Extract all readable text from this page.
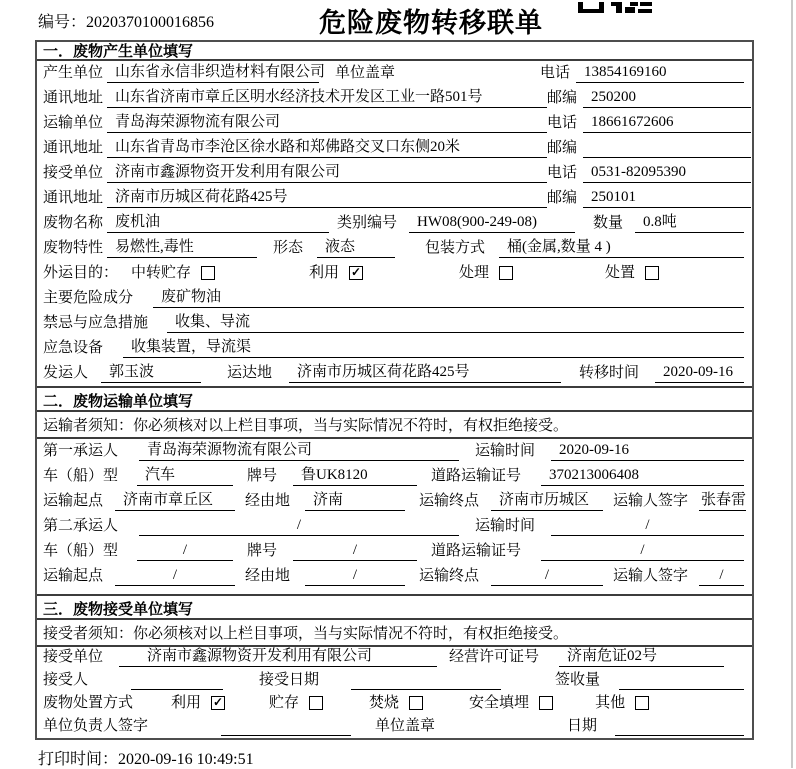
编号：2020370100016856	危险废物转移联单
一．废物产生单位填写
产生单位 山东省永信非织造材料有限公司 单位盖章	电话 13854169160
通讯地址 山东省济南市章丘区明水经济技术开发区工业一路501号	邮编 250200
运输单位 青岛海荣源物流有限公司	电话 18661672606
通讯地址 山东省青岛市李沧区徐水路和郑佛路交叉口东侧20米	邮编
接受单位 济南市鑫源物资开发利用有限公司	电话 0531-82095390
通讯地址 济南市历城区荷花路425号	邮编 250101
废物名称 废机油	类别编号	HW08(900-249-08)	数量	0.8吨
废物特性 易燃性,毒性	形态	液态	包装方式	桶(金属,数量 4 )
外运目的： 中转贮存	利用 ✓	处理	处置
主要危险成分	废矿物油
禁忌与应急措施	收集、导流
应急设备	收集装置，导流渠
发运人	郭玉波	运达地	济南市历城区荷花路425号	转移时间	2020-09-16
二．废物运输单位填写
运输者须知：你必须核对以上栏目事项，当与实际情况不符时，有权拒绝接受。
第一承运人	青岛海荣源物流有限公司	运输时间	2020-09-16
车（船）型	汽车	牌号	鲁UK8120	道路运输证号	370213006408
运输起点	济南市章丘区	经由地	济南	运输终点	济南市历城区	运输人签字 张春雷
第二承运人	/	运输时间	/
车（船）型	/	牌号	/	道路运输证号	/
运输起点	/	经由地	/	运输终点	/	运输人签字	/
三．废物接受单位填写
接受者须知：你必须核对以上栏目事项，当与实际情况不符时，有权拒绝接受。
接受单位	济南市鑫源物资开发利用有限公司	经营许可证号	济南危证02号
接受人	接受日期	签收量
废物处置方式	利用 ✓	贮存	焚烧	安全填埋	其他
单位负责人签字	单位盖章	日期
打印时间：2020-09-16 10:49:51
